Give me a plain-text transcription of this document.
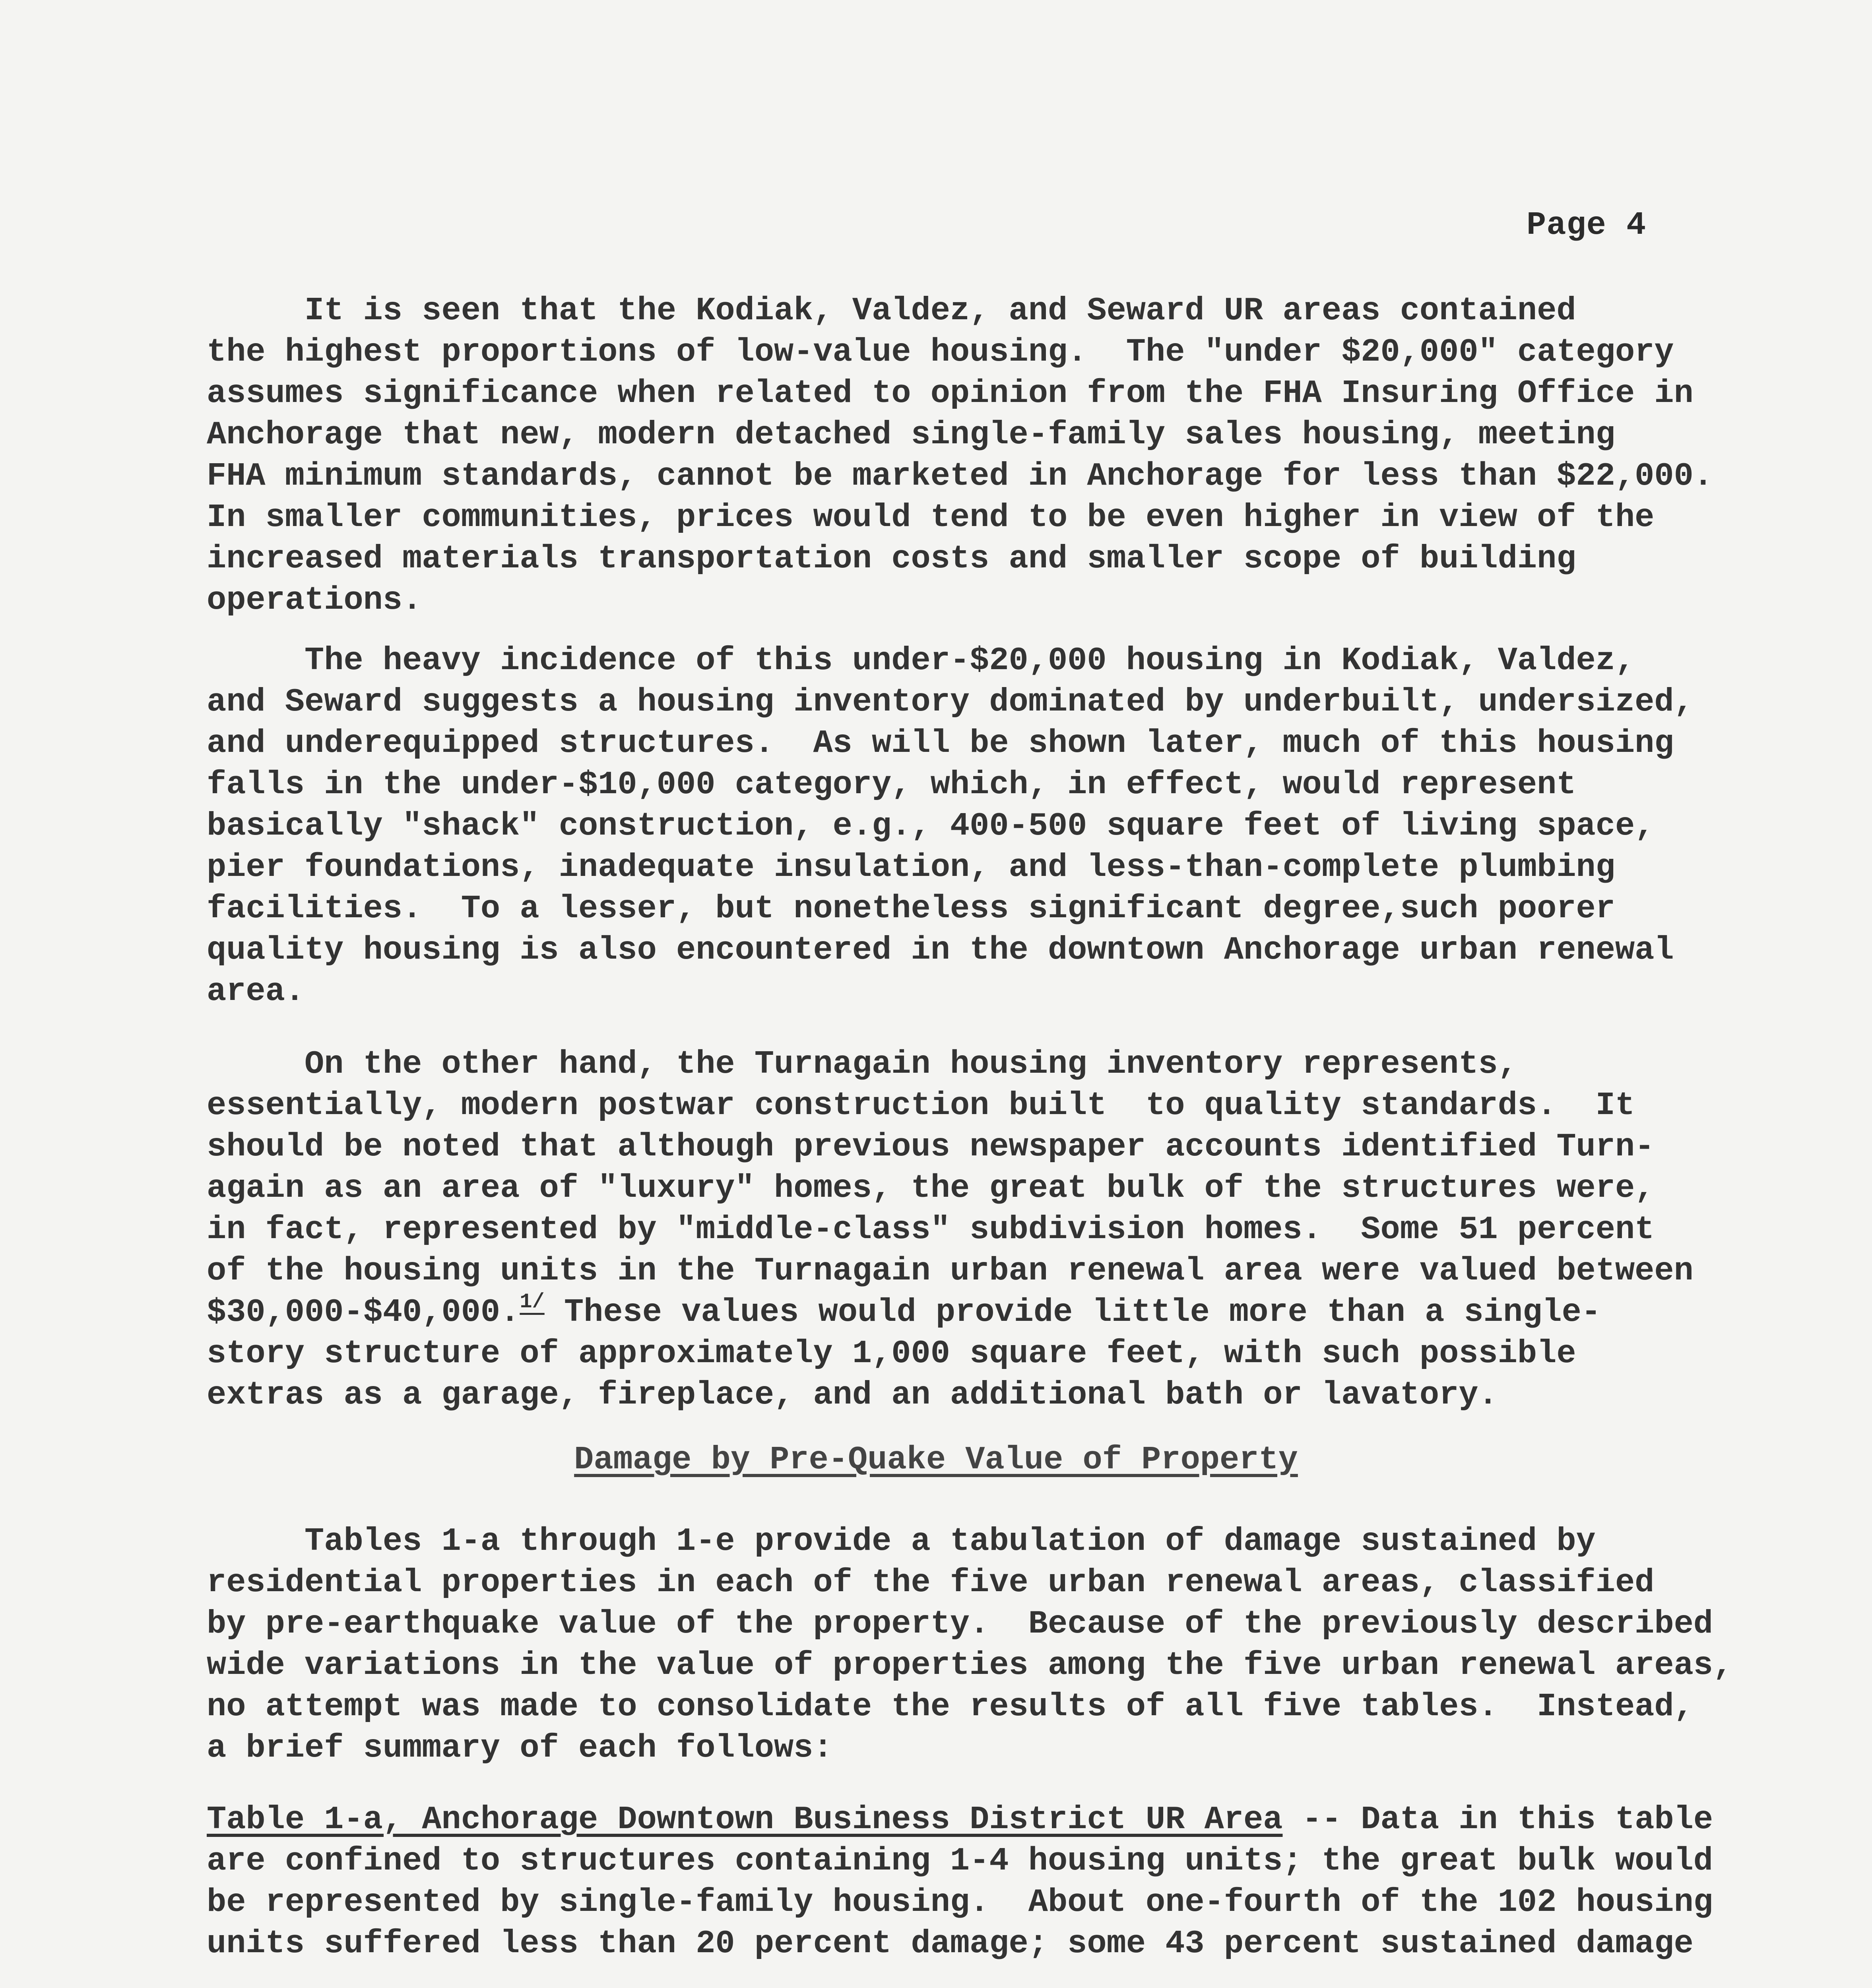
Page 4
It is seen that the Kodiak, Valdez, and Seward UR areas contained
the highest proportions of low-value housing.  The "under $20,000" category
assumes significance when related to opinion from the FHA Insuring Office in
Anchorage that new, modern detached single-family sales housing, meeting
FHA minimum standards, cannot be marketed in Anchorage for less than $22,000.
In smaller communities, prices would tend to be even higher in view of the
increased materials transportation costs and smaller scope of building
operations.
The heavy incidence of this under-$20,000 housing in Kodiak, Valdez,
and Seward suggests a housing inventory dominated by underbuilt, undersized,
and underequipped structures.  As will be shown later, much of this housing
falls in the under-$10,000 category, which, in effect, would represent
basically "shack" construction, e.g., 400-500 square feet of living space,
pier foundations, inadequate insulation, and less-than-complete plumbing
facilities.  To a lesser, but nonetheless significant degree,such poorer
quality housing is also encountered in the downtown Anchorage urban renewal
area.
On the other hand, the Turnagain housing inventory represents,
essentially, modern postwar construction built  to quality standards.  It
should be noted that although previous newspaper accounts identified Turn-
again as an area of "luxury" homes, the great bulk of the structures were,
in fact, represented by "middle-class" subdivision homes.  Some 51 percent
of the housing units in the Turnagain urban renewal area were valued between
$30,000-$40,000.$^{1/}$ These values would provide little more than a single-
story structure of approximately 1,000 square feet, with such possible
extras as a garage, fireplace, and an additional bath or lavatory.
Damage by Pre-Quake Value of Property
Tables 1-a through 1-e provide a tabulation of damage sustained by
residential properties in each of the five urban renewal areas, classified
by pre-earthquake value of the property.  Because of the previously described
wide variations in the value of properties among the five urban renewal areas,
no attempt was made to consolidate the results of all five tables.  Instead,
a brief summary of each follows:
Table 1-a, Anchorage Downtown Business District UR Area -- Data in this table
are confined to structures containing 1-4 housing units; the great bulk would
be represented by single-family housing.  About one-fourth of the 102 housing
units suffered less than 20 percent damage; some 43 percent sustained damage
